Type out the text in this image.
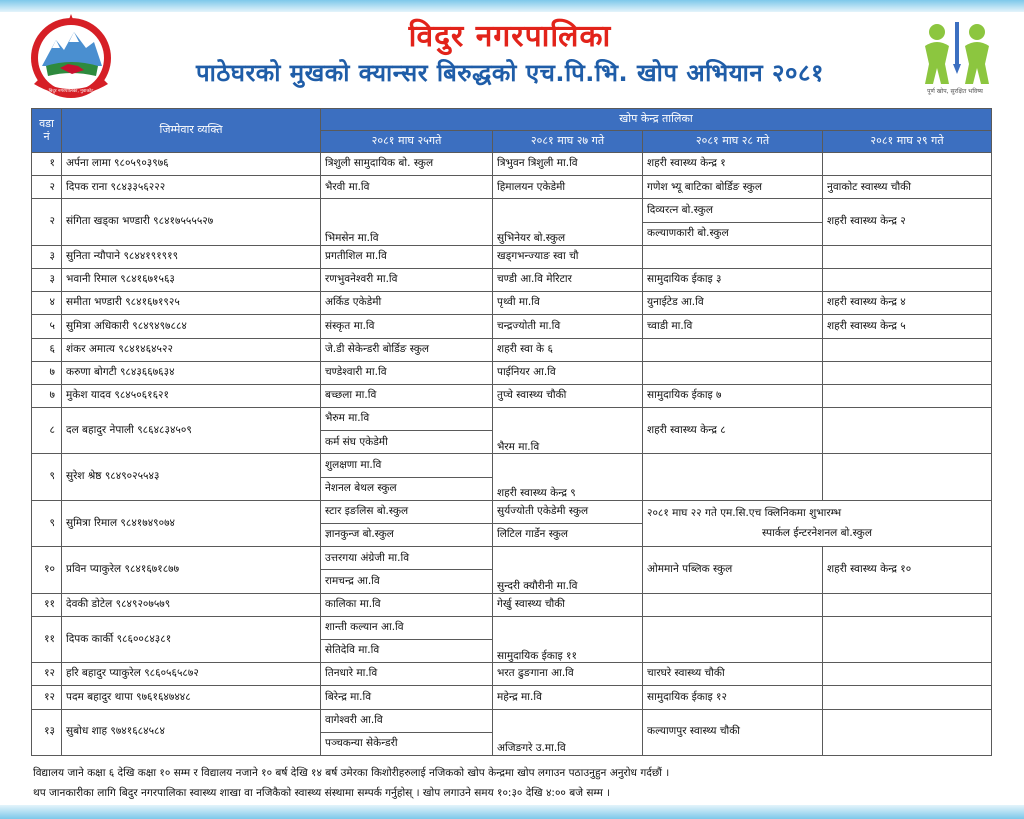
बिदुर नगरपालिका, नुवाकोट	पूर्ण खोप, सुरक्षित भविष्य
विदुर नगरपालिका
पाठेघरको मुखको क्यान्सर बिरुद्धको एच.पि.भि. खोप अभियान २०८१
वडा नं	जिम्मेवार व्यक्ति	खोप केन्द्र तालिका			
		२०८१ माघ २५गते	२०८१ माघ २७ गते	२०८१ माघ २८ गते	२०८१ माघ २९ गते
१	अर्पना लामा ९८०५९०३९७६	त्रिशुली सामुदायिक बो. स्कुल	त्रिभुवन त्रिशुली मा.वि	शहरी स्वास्थ्य केन्द्र १	
२	दिपक राना ९८४३३५६२२२	भैरवी मा.वि	हिमालयन एकेडेमी	गणेश भ्यू बाटिका बोर्डिङ स्कुल	नुवाकोट स्वास्थ्य चौकी
२	संगिता खड्का भण्डारी ९८४१७५५५५२७	भिमसेन मा.वि	सुभिनेयर बो.स्कुल	दिव्यरत्न बो.स्कुल	शहरी स्वास्थ्य केन्द्र २
				कल्याणकारी बो.स्कुल	
३	सुनिता न्यौपाने ९८४४१९१९१९	प्रगतीशिल मा.वि	खड्गभन्ज्याङ स्वा चौ		
३	भवानी रिमाल ९८४१६७१५६३	रणभुवनेश्वरी मा.वि	चण्डी आ.वि मेरिटार	सामुदायिक ईकाइ ३	
४	समीता भण्डारी ९८४१६७१९२५	अर्किड एकेडेमी	पृथ्वी मा.वि	युनाईटेड आ.वि	शहरी स्वास्थ्य केन्द्र ४
५	सुमित्रा अधिकारी ९८४९४९७८८४	संस्कृत मा.वि	चन्द्रज्योती मा.वि	च्वाडी मा.वि	शहरी स्वास्थ्य केन्द्र ५
६	शंकर अमात्य ९८४१४६४५२२	जे.डी सेकेन्डरी बोर्डिङ स्कुल	शहरी स्वा के ६		
७	करुणा बोगटी ९८४३६६७६३४	चण्डेश्वारी मा.वि	पाईनियर आ.वि		
७	मुकेश यादव ९८४५०६१६२१	बच्छला मा.वि	तुप्चे स्वास्थ्य चौकी	सामुदायिक ईकाइ ७	
८	दल बहादुर नेपाली ९८६४८३४५०९	भैरुम मा.वि	भैरम मा.वि	शहरी स्वास्थ्य केन्द्र ८	
		कर्म संघ एकेडेमी			
९	सुरेश श्रेष्ठ ९८४९०२५५४३	शुलक्षणा मा.वि	शहरी स्वास्थ्य केन्द्र ९		
		नेशनल बेथल स्कुल			
९	सुमित्रा रिमाल ९८४१७४९०७४	स्टार इङलिस बो.स्कुल	सुर्यज्योती एकेडेमी स्कुल	२०८१ माघ २२ गते एम.सि.एच क्लिनिकमा शुभारम्भ
स्पार्कल ईन्टरनेशनल बो.स्कुल	

		ज्ञानकुन्ज बो.स्कुल	लिटिल गार्डेन स्कुल		
१०	प्रविन प्याकुरेल ९८४१६७१८७७	उत्तरगया अंग्रेजी मा.वि	सुन्दरी क्यौरीनी मा.वि	ओममाने पब्लिक स्कुल	शहरी स्वास्थ्य केन्द्र १०
		रामचन्द्र आ.वि			
११	देवकी डोटेल ९८४९२०७५७९	कालिका मा.वि	गेर्खु स्वास्थ्य चौकी		
११	दिपक कार्की ९८६००८४३८१	शान्ती कल्यान आ.वि	सामुदायिक ईकाइ ११		
		सेतिदेवि मा.वि			
१२	हरि बहादुर प्याकुरेल ९८६०५६५८७२	तिनधारे मा.वि	भरत ढुङगाना आ.वि	चारघरे स्वास्थ्य चौकी	
१२	पदम बहादुर थापा ९७६१६४७४४८	बिरेन्द्र मा.वि	महेन्द्र मा.वि	सामुदायिक ईकाइ १२	
१३	सुबोध शाह ९७४१६८४५८४	वागेश्वरी आ.वि	अजिङगरे उ.मा.वि	कल्याणपुर स्वास्थ्य चौकी	
		पञ्चकन्या सेकेन्डरी			
विद्यालय जाने कक्षा ६ देखि कक्षा १० सम्म र विद्यालय नजाने १० बर्ष देखि १४ बर्ष उमेरका किशोरीहरुलाई नजिकको खोप केन्द्रमा खोप लगाउन पठाउनुहुन अनुरोध गर्दछौं ।
थप जानकारीका लागि बिदुर नगरपालिका स्वास्थ्य शाखा वा नजिकैको स्वास्थ्य संस्थामा सम्पर्क गर्नुहोस् । खोप लगाउने समय १०:३० देखि ४:०० बजे सम्म ।
